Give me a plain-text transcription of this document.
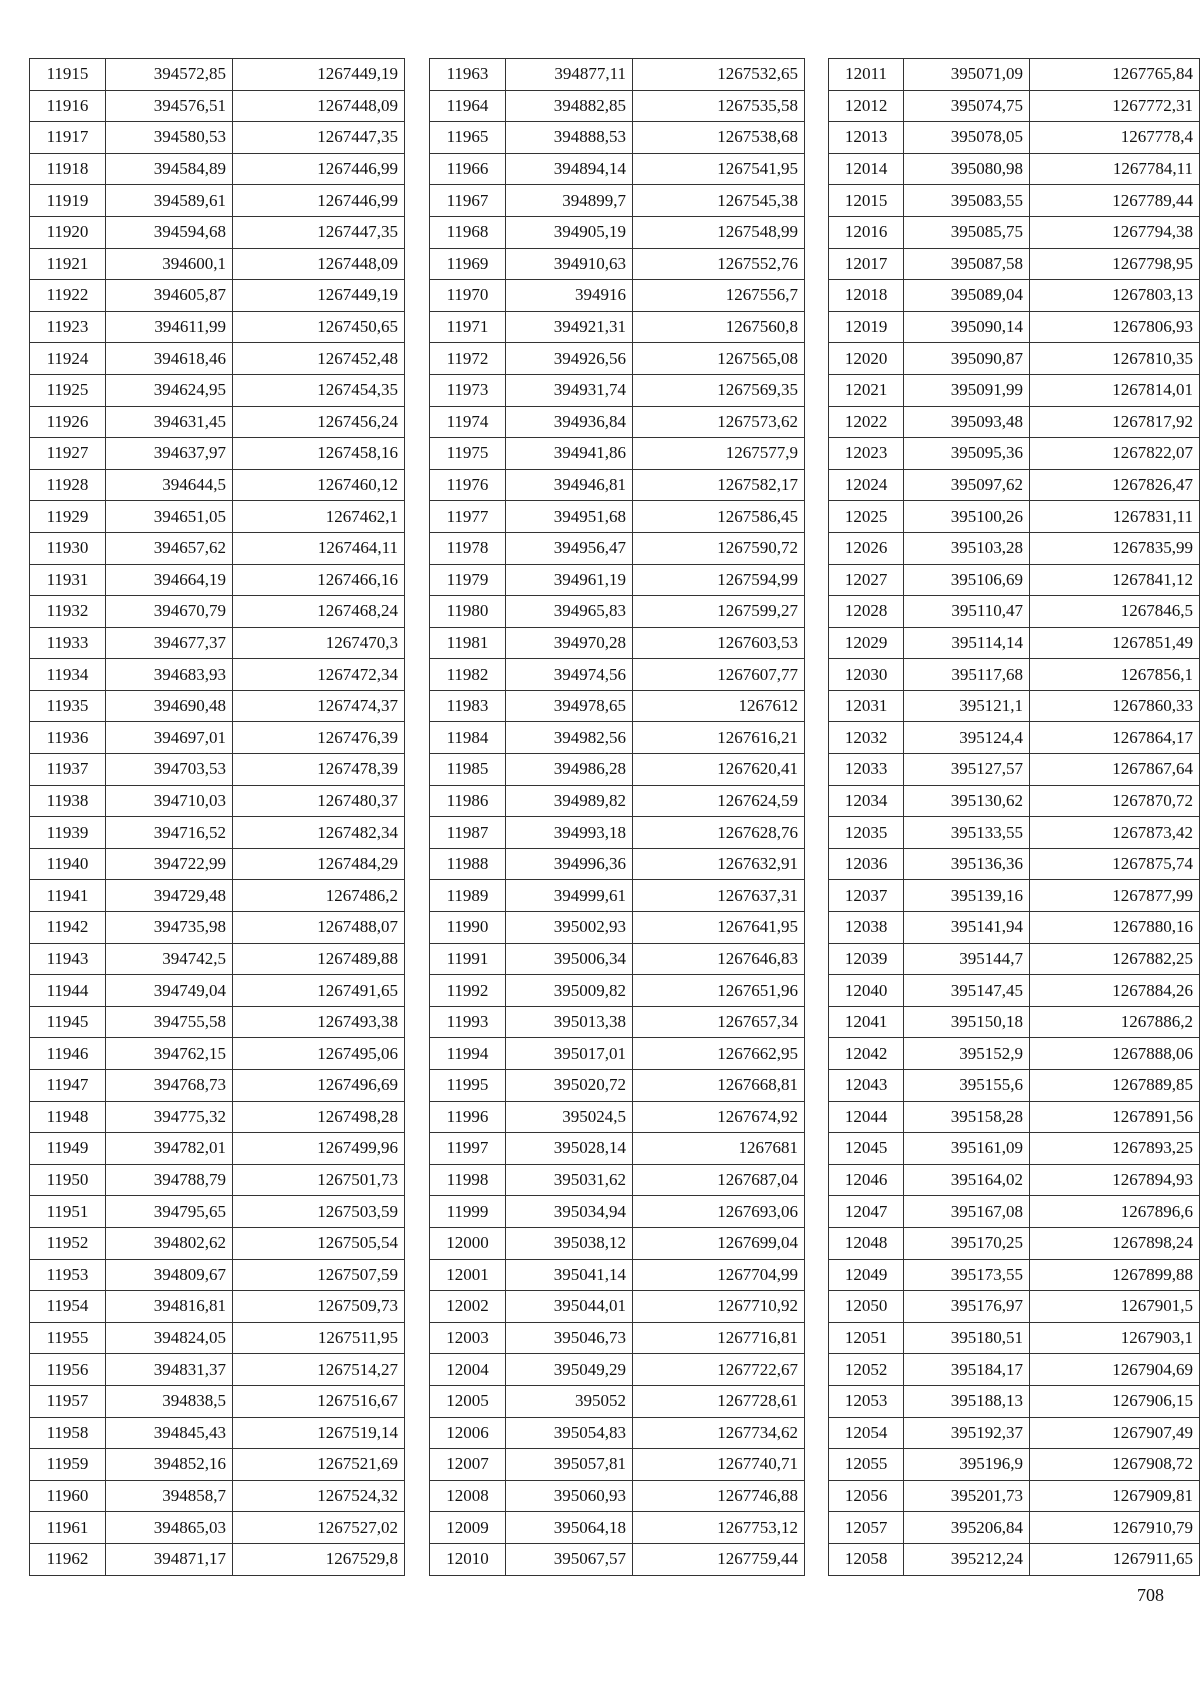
11915	394572,85	1267449,19
11916	394576,51	1267448,09
11917	394580,53	1267447,35
11918	394584,89	1267446,99
11919	394589,61	1267446,99
11920	394594,68	1267447,35
11921	394600,1	1267448,09
11922	394605,87	1267449,19
11923	394611,99	1267450,65
11924	394618,46	1267452,48
11925	394624,95	1267454,35
11926	394631,45	1267456,24
11927	394637,97	1267458,16
11928	394644,5	1267460,12
11929	394651,05	1267462,1
11930	394657,62	1267464,11
11931	394664,19	1267466,16
11932	394670,79	1267468,24
11933	394677,37	1267470,3
11934	394683,93	1267472,34
11935	394690,48	1267474,37
11936	394697,01	1267476,39
11937	394703,53	1267478,39
11938	394710,03	1267480,37
11939	394716,52	1267482,34
11940	394722,99	1267484,29
11941	394729,48	1267486,2
11942	394735,98	1267488,07
11943	394742,5	1267489,88
11944	394749,04	1267491,65
11945	394755,58	1267493,38
11946	394762,15	1267495,06
11947	394768,73	1267496,69
11948	394775,32	1267498,28
11949	394782,01	1267499,96
11950	394788,79	1267501,73
11951	394795,65	1267503,59
11952	394802,62	1267505,54
11953	394809,67	1267507,59
11954	394816,81	1267509,73
11955	394824,05	1267511,95
11956	394831,37	1267514,27
11957	394838,5	1267516,67
11958	394845,43	1267519,14
11959	394852,16	1267521,69
11960	394858,7	1267524,32
11961	394865,03	1267527,02
11962	394871,17	1267529,8
11963	394877,11	1267532,65
11964	394882,85	1267535,58
11965	394888,53	1267538,68
11966	394894,14	1267541,95
11967	394899,7	1267545,38
11968	394905,19	1267548,99
11969	394910,63	1267552,76
11970	394916	1267556,7
11971	394921,31	1267560,8
11972	394926,56	1267565,08
11973	394931,74	1267569,35
11974	394936,84	1267573,62
11975	394941,86	1267577,9
11976	394946,81	1267582,17
11977	394951,68	1267586,45
11978	394956,47	1267590,72
11979	394961,19	1267594,99
11980	394965,83	1267599,27
11981	394970,28	1267603,53
11982	394974,56	1267607,77
11983	394978,65	1267612
11984	394982,56	1267616,21
11985	394986,28	1267620,41
11986	394989,82	1267624,59
11987	394993,18	1267628,76
11988	394996,36	1267632,91
11989	394999,61	1267637,31
11990	395002,93	1267641,95
11991	395006,34	1267646,83
11992	395009,82	1267651,96
11993	395013,38	1267657,34
11994	395017,01	1267662,95
11995	395020,72	1267668,81
11996	395024,5	1267674,92
11997	395028,14	1267681
11998	395031,62	1267687,04
11999	395034,94	1267693,06
12000	395038,12	1267699,04
12001	395041,14	1267704,99
12002	395044,01	1267710,92
12003	395046,73	1267716,81
12004	395049,29	1267722,67
12005	395052	1267728,61
12006	395054,83	1267734,62
12007	395057,81	1267740,71
12008	395060,93	1267746,88
12009	395064,18	1267753,12
12010	395067,57	1267759,44
12011	395071,09	1267765,84
12012	395074,75	1267772,31
12013	395078,05	1267778,4
12014	395080,98	1267784,11
12015	395083,55	1267789,44
12016	395085,75	1267794,38
12017	395087,58	1267798,95
12018	395089,04	1267803,13
12019	395090,14	1267806,93
12020	395090,87	1267810,35
12021	395091,99	1267814,01
12022	395093,48	1267817,92
12023	395095,36	1267822,07
12024	395097,62	1267826,47
12025	395100,26	1267831,11
12026	395103,28	1267835,99
12027	395106,69	1267841,12
12028	395110,47	1267846,5
12029	395114,14	1267851,49
12030	395117,68	1267856,1
12031	395121,1	1267860,33
12032	395124,4	1267864,17
12033	395127,57	1267867,64
12034	395130,62	1267870,72
12035	395133,55	1267873,42
12036	395136,36	1267875,74
12037	395139,16	1267877,99
12038	395141,94	1267880,16
12039	395144,7	1267882,25
12040	395147,45	1267884,26
12041	395150,18	1267886,2
12042	395152,9	1267888,06
12043	395155,6	1267889,85
12044	395158,28	1267891,56
12045	395161,09	1267893,25
12046	395164,02	1267894,93
12047	395167,08	1267896,6
12048	395170,25	1267898,24
12049	395173,55	1267899,88
12050	395176,97	1267901,5
12051	395180,51	1267903,1
12052	395184,17	1267904,69
12053	395188,13	1267906,15
12054	395192,37	1267907,49
12055	395196,9	1267908,72
12056	395201,73	1267909,81
12057	395206,84	1267910,79
12058	395212,24	1267911,65
708
